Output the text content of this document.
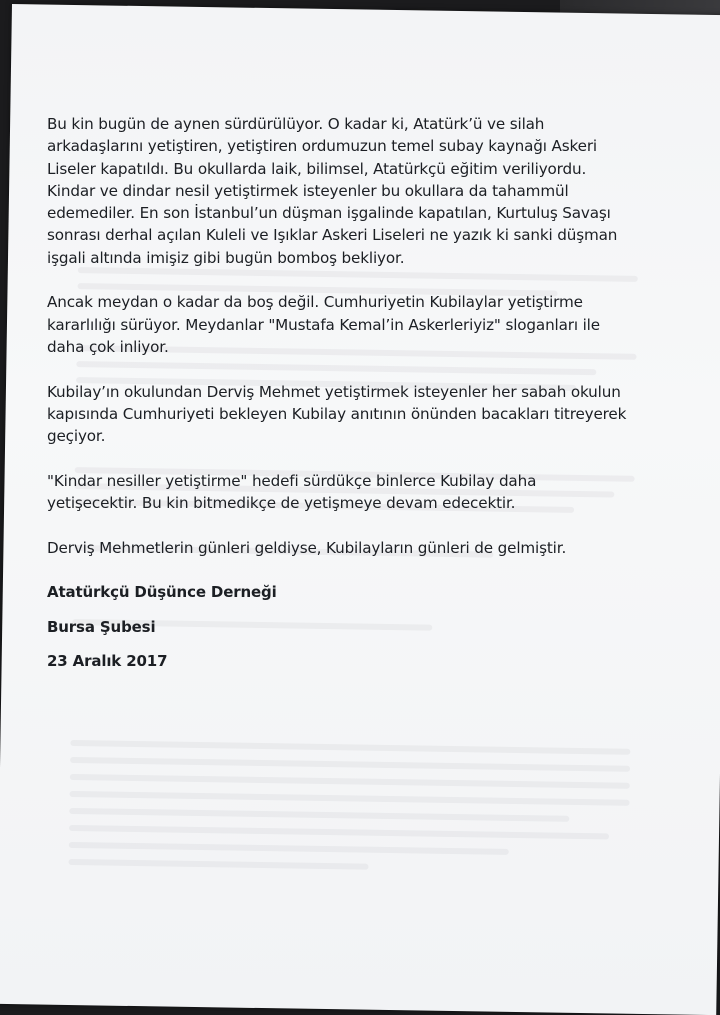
Bu kin bugün de aynen sürdürülüyor. O kadar ki, Atatürk’ü ve silah arkadaşlarını yetiştiren, yetiştiren ordumuzun temel subay kaynağı Askeri Liseler kapatıldı. Bu okullarda laik, bilimsel, Atatürkçü eğitim veriliyordu. Kindar ve dindar nesil yetiştirmek isteyenler bu okullara da tahammül edemediler. En son İstanbul’un düşman işgalinde kapatılan, Kurtuluş Savaşı sonrası derhal açılan Kuleli ve Işıklar Askeri Liseleri ne yazık ki sanki düşman işgali altında imişiz gibi bugün bomboş bekliyor.

Ancak meydan o kadar da boş değil. Cumhuriyetin Kubilaylar yetiştirme kararlılığı sürüyor. Meydanlar "Mustafa Kemal’in Askerleriyiz" sloganları ile daha çok inliyor.

Kubilay’ın okulundan Derviş Mehmet yetiştirmek isteyenler her sabah okulun kapısında Cumhuriyeti bekleyen Kubilay anıtının önünden bacakları titreyerek geçiyor.

"Kindar nesiller yetiştirme" hedefi sürdükçe binlerce Kubilay daha yetişecektir. Bu kin bitmedikçe de yetişmeye devam edecektir.

Derviş Mehmetlerin günleri geldiyse, Kubilayların günleri de gelmiştir.

Atatürkçü Düşünce Derneği
Bursa Şubesi
23 Aralık 2017
